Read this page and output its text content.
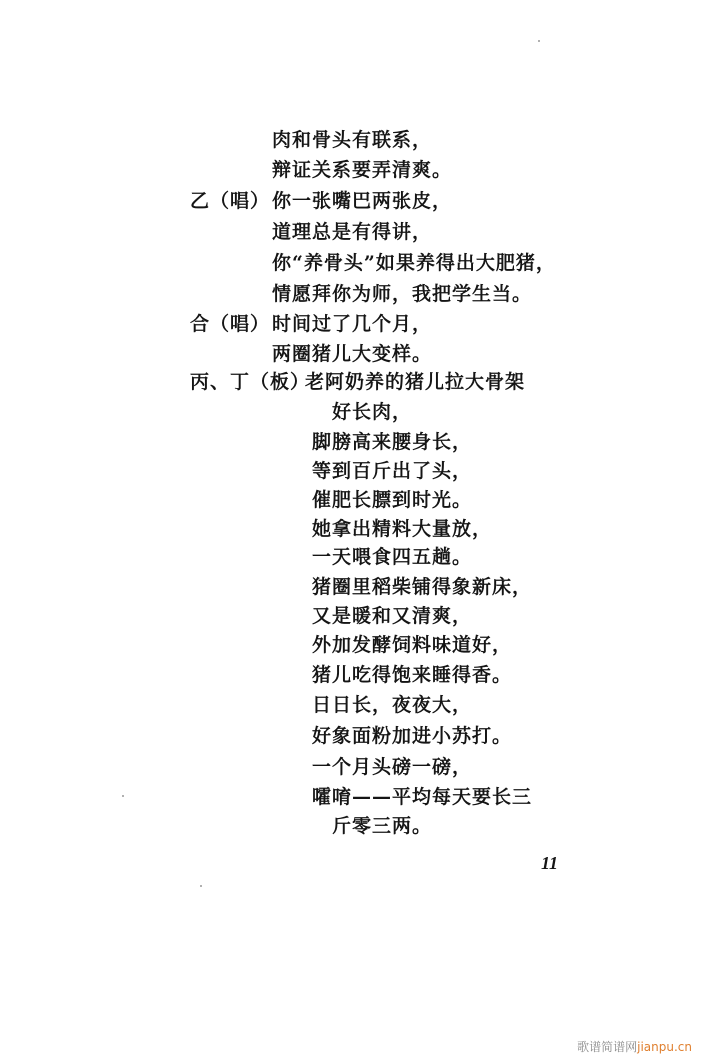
肉和骨头有联系，
辩证关系要弄清爽。
乙（唱） 你一张嘴巴两张皮，
道理总是有得讲，
你“养骨头”如果养得出大肥猪，
情愿拜你为师，我把学生当。
合（唱） 时间过了几个月，
两圈猪儿大变样。
丙、丁（板）
老阿奶养的猪儿拉大骨架
好长肉，
脚膀高来腰身长，
等到百斤出了头，
催肥长膘到时光。
她拿出精料大量放，
一天喂食四五趟。
猪圈里稻柴铺得象新床，
又是暖和又清爽，
外加发酵饲料味道好，
猪儿吃得饱来睡得香。
日日长，夜夜大，
好象面粉加进小苏打。
一个月头磅一磅，
嚯唷——平均每天要长三
斤零三两。
11
歌谱简谱网jianpu.cn
